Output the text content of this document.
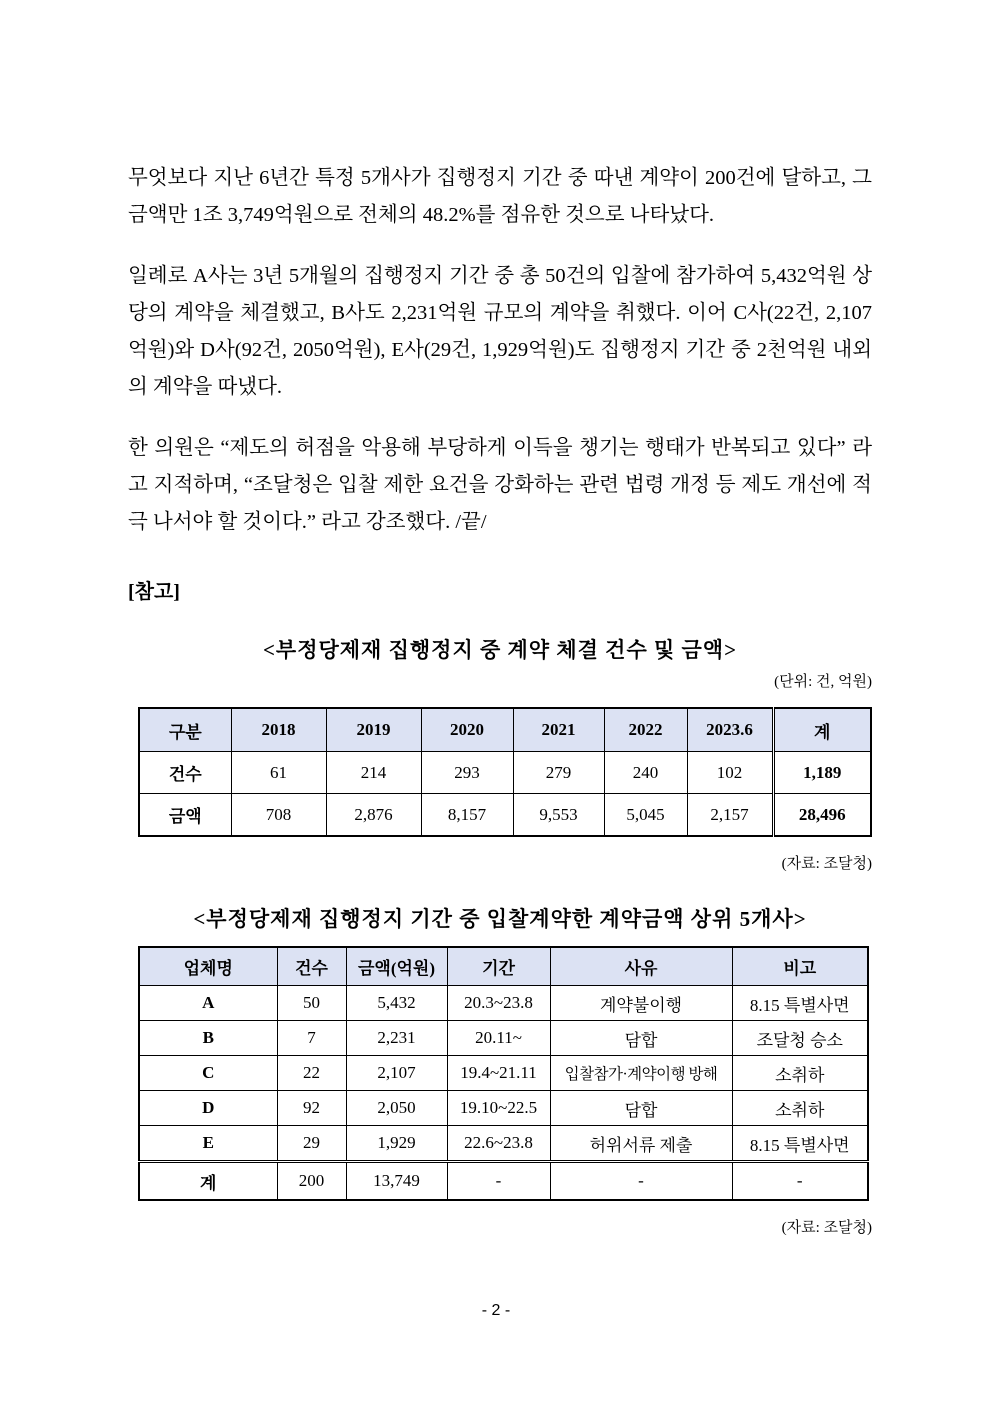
무엇보다 지난 6년간 특정 5개사가 집행정지 기간 중 따낸 계약이 200건에 달하고, 그 금액만 1조 3,749억원으로 전체의 48.2%를 점유한 것으로 나타났다.

일례로 A사는 3년 5개월의 집행정지 기간 중 총 50건의 입찰에 참가하여 5,432억원 상당의 계약을 체결했고, B사도 2,231억원 규모의 계약을 취했다. 이어 C사(22건, 2,107억원)와 D사(92건, 2050억원), E사(29건, 1,929억원)도 집행정지 기간 중 2천억원 내외의 계약을 따냈다.

한 의원은 “제도의 허점을 악용해 부당하게 이득을 챙기는 행태가 반복되고 있다” 라고 지적하며, “조달청은 입찰 제한 요건을 강화하는 관련 법령 개정 등 제도 개선에 적극 나서야 할 것이다.” 라고 강조했다. /끝/

[참고]
<부정당제재 집행정지 중 계약 체결 건수 및 금액>
(단위: 건, 억원)
구분	2018	2019	2020	2021	2022	2023.6	계
건수	61	214	293	279	240	102	1,189
금액	708	2,876	8,157	9,553	5,045	2,157	28,496
(자료: 조달청)
<부정당제재 집행정지 기간 중 입찰계약한 계약금액 상위 5개사>
업체명	건수	금액(억원)	기간	사유	비고
A	50	5,432	20.3~23.8	계약불이행	8.15 특별사면
B	7	2,231	20.11~	담합	조달청 승소
C	22	2,107	19.4~21.11	입찰참가·계약이행 방해	소취하
D	92	2,050	19.10~22.5	담합	소취하
E	29	1,929	22.6~23.8	허위서류 제출	8.15 특별사면
계	200	13,749	-	-	-
(자료: 조달청)
- 2 -
